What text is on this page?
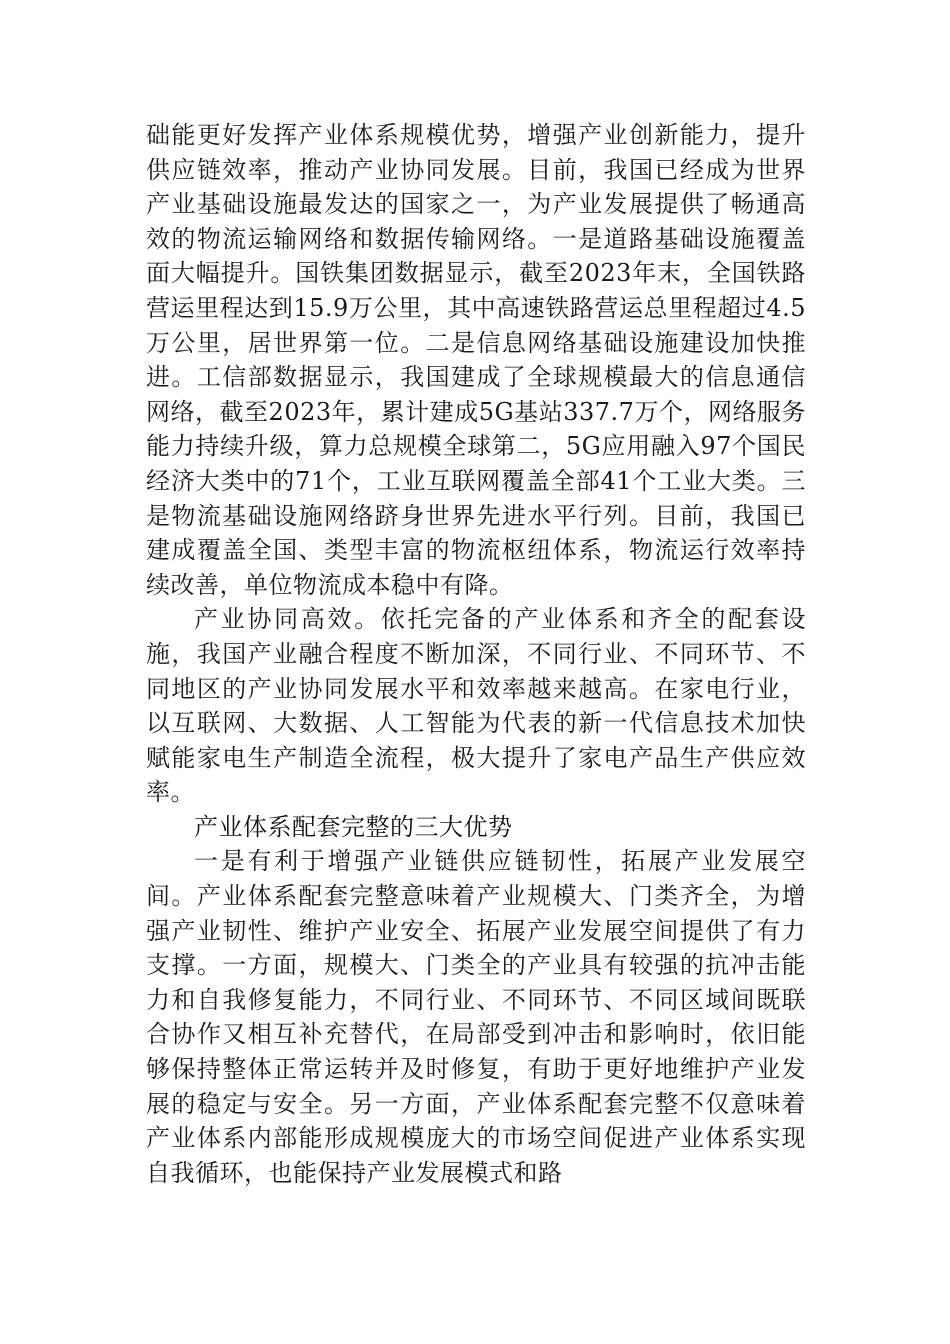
础能更好发挥产业体系规模优势，增强产业创新能力，提升供应链效率，推动产业协同发展。目前，我国已经成为世界产业基础设施最发达的国家之一，为产业发展提供了畅通高效的物流运输网络和数据传输网络。一是道路基础设施覆盖面大幅提升。国铁集团数据显示，截至2023年末，全国铁路营运里程达到15.9万公里，其中高速铁路营运总里程超过4.5万公里，居世界第一位。二是信息网络基础设施建设加快推进。工信部数据显示，我国建成了全球规模最大的信息通信网络，截至2023年，累计建成5G基站337.7万个，网络服务能力持续升级，算力总规模全球第二，5G应用融入97个国民经济大类中的71个，工业互联网覆盖全部41个工业大类。三是物流基础设施网络跻身世界先进水平行列。目前，我国已建成覆盖全国、类型丰富的物流枢纽体系，物流运行效率持续改善，单位物流成本稳中有降。

产业协同高效。依托完备的产业体系和齐全的配套设施，我国产业融合程度不断加深，不同行业、不同环节、不同地区的产业协同发展水平和效率越来越高。在家电行业，以互联网、大数据、人工智能为代表的新一代信息技术加快赋能家电生产制造全流程，极大提升了家电产品生产供应效率。

产业体系配套完整的三大优势

一是有利于增强产业链供应链韧性，拓展产业发展空间。产业体系配套完整意味着产业规模大、门类齐全，为增强产业韧性、维护产业安全、拓展产业发展空间提供了有力支撑。一方面，规模大、门类全的产业具有较强的抗冲击能力和自我修复能力，不同行业、不同环节、不同区域间既联合协作又相互补充替代，在局部受到冲击和影响时，依旧能够保持整体正常运转并及时修复，有助于更好地维护产业发展的稳定与安全。另一方面，产业体系配套完整不仅意味着产业体系内部能形成规模庞大的市场空间促进产业体系实现自我循环，也能保持产业发展模式和路
